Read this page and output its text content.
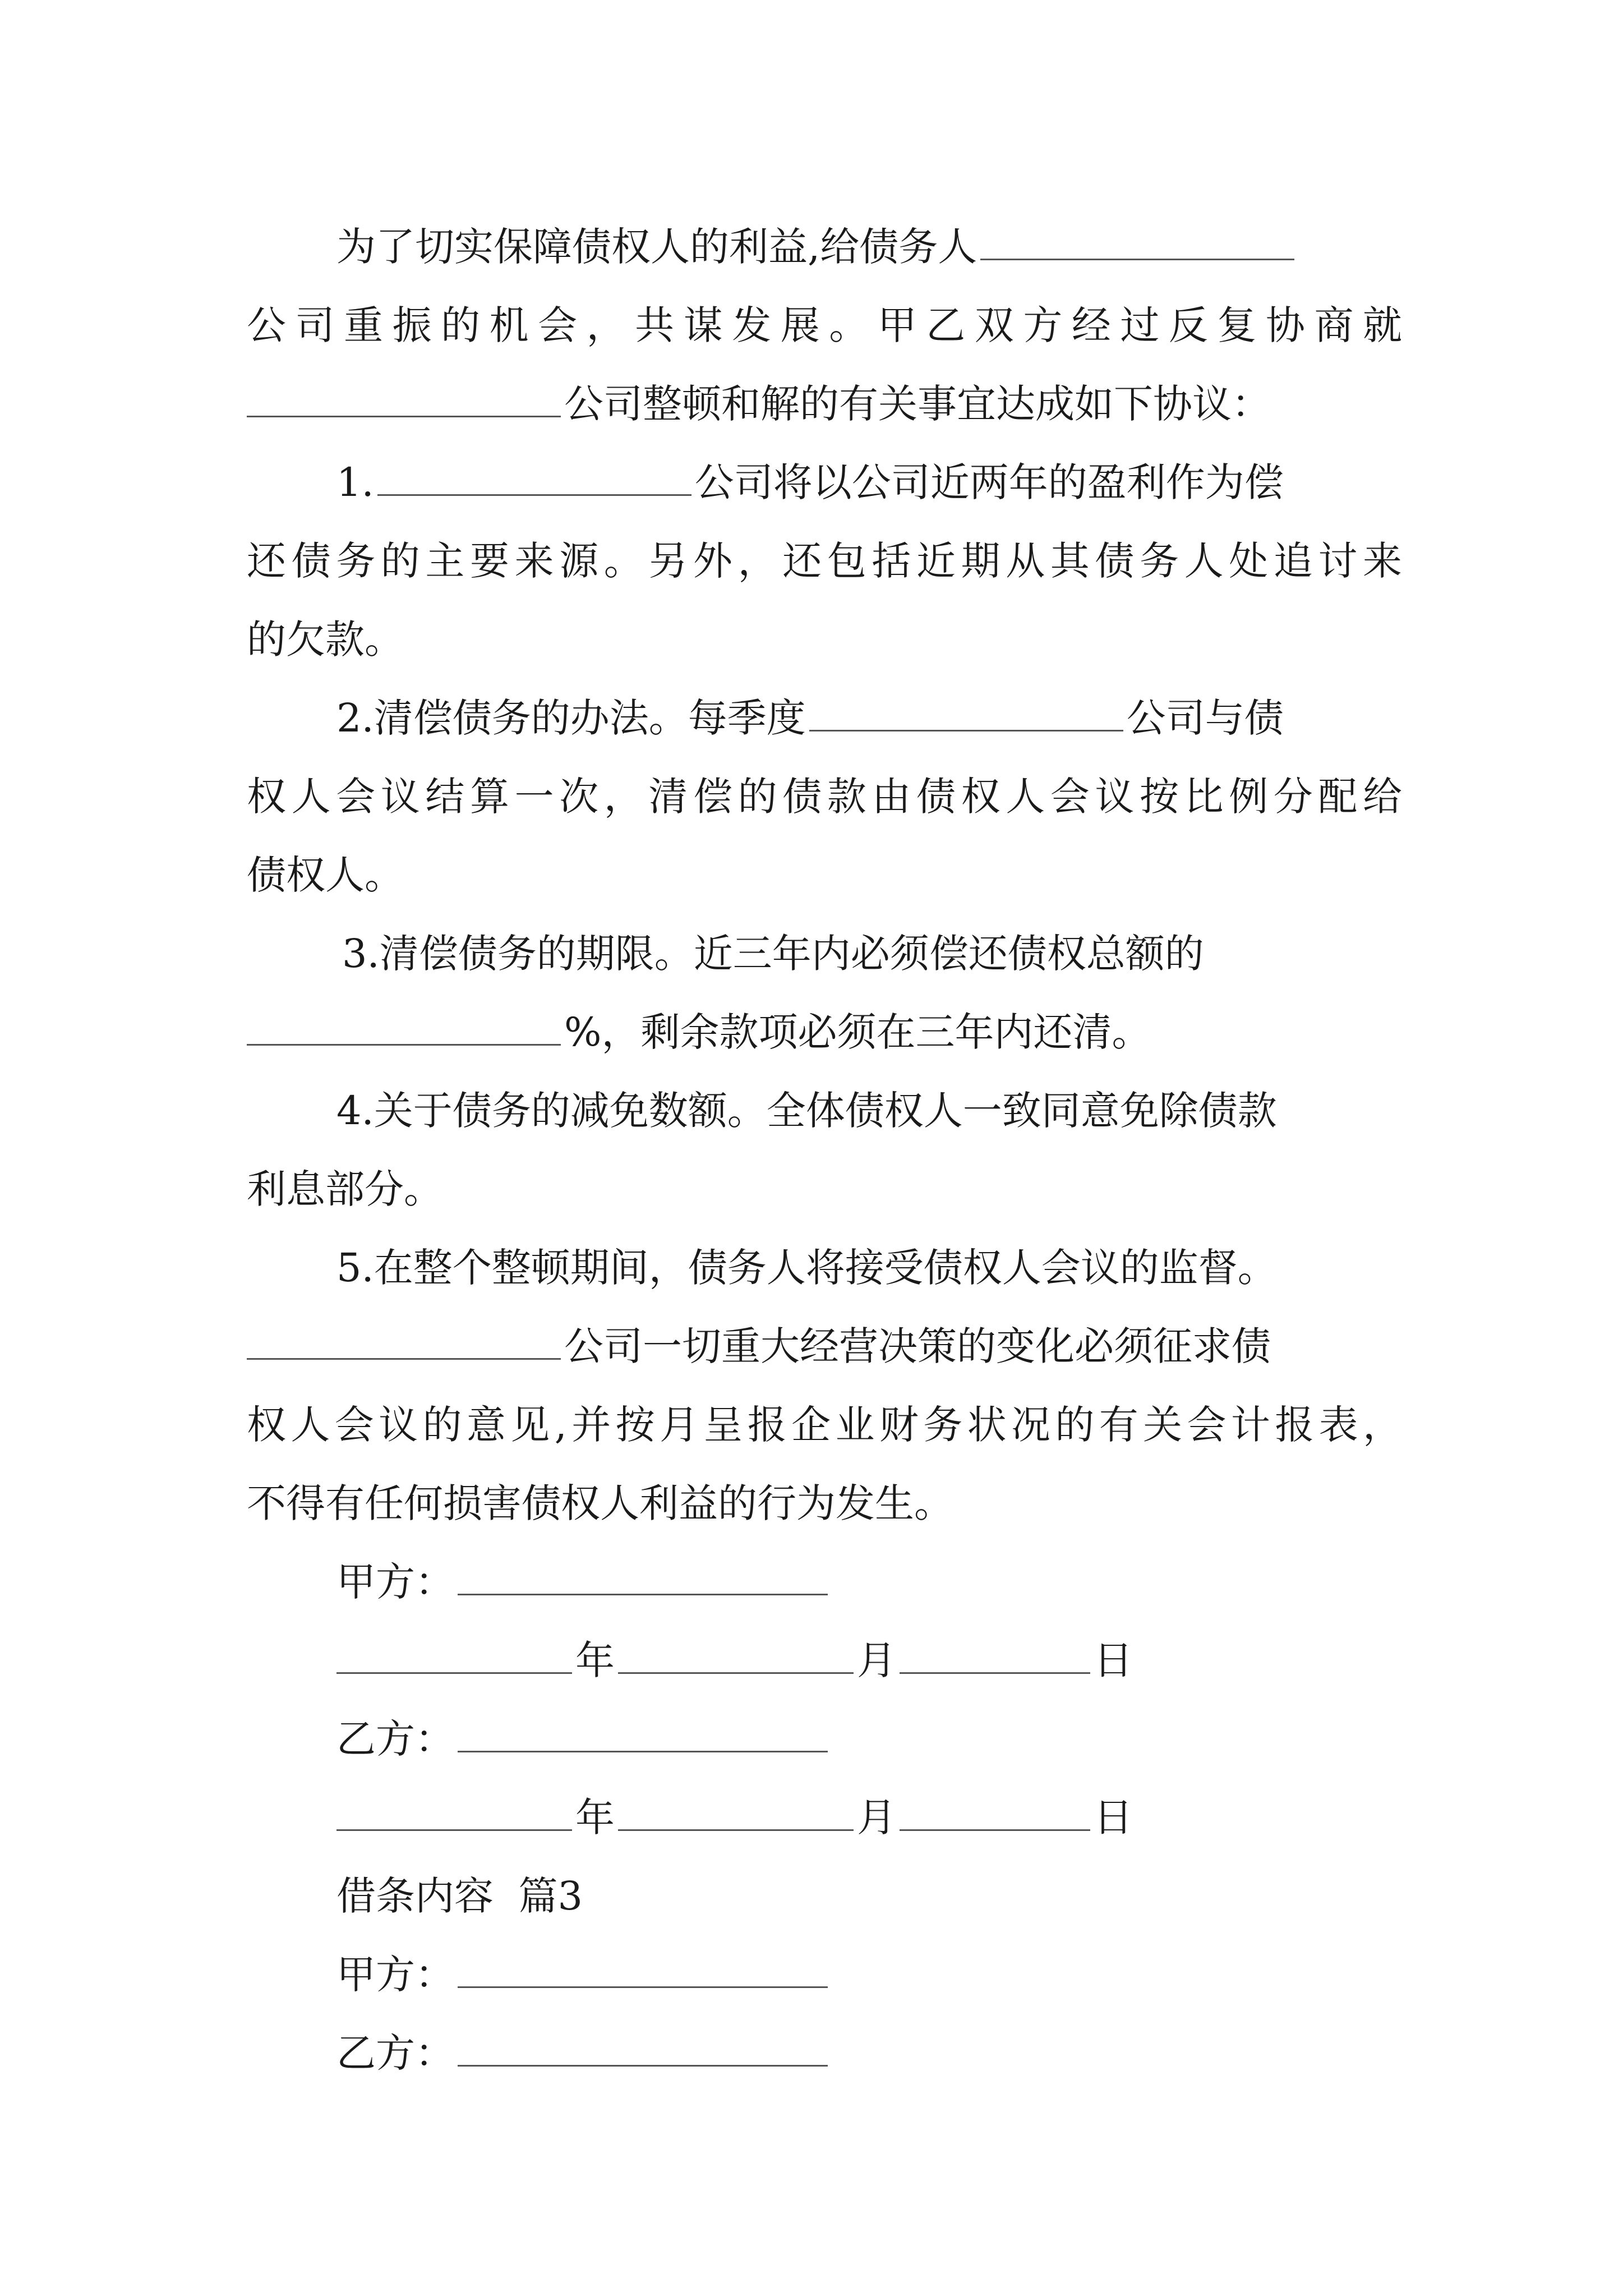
为了切实保障债权人的利益,给债务人
公司重振的机会，共谋发展。甲乙双方经过反复协商就
公司整顿和解的有关事宜达成如下协议：
1.	公司将以公司近两年的盈利作为偿
还债务的主要来源。另外，还包括近期从其债务人处追讨来
的欠款。
2.清偿债务的办法。每季度	公司与债
权人会议结算一次，清偿的债款由债权人会议按比例分配给
债权人。
3.清偿债务的期限。近三年内必须偿还债权总额的
%，剩余款项必须在三年内还清。
4.关于债务的减免数额。全体债权人一致同意免除债款
利息部分。
5.在整个整顿期间，债务人将接受债权人会议的监督。
公司一切重大经营决策的变化必须征求债
权人会议的意见,并按月呈报企业财务状况的有关会计报表，
不得有任何损害债权人利益的行为发生。
甲方：
年	月	日
乙方：
年	月	日
借条内容  篇3
甲方：
乙方：
